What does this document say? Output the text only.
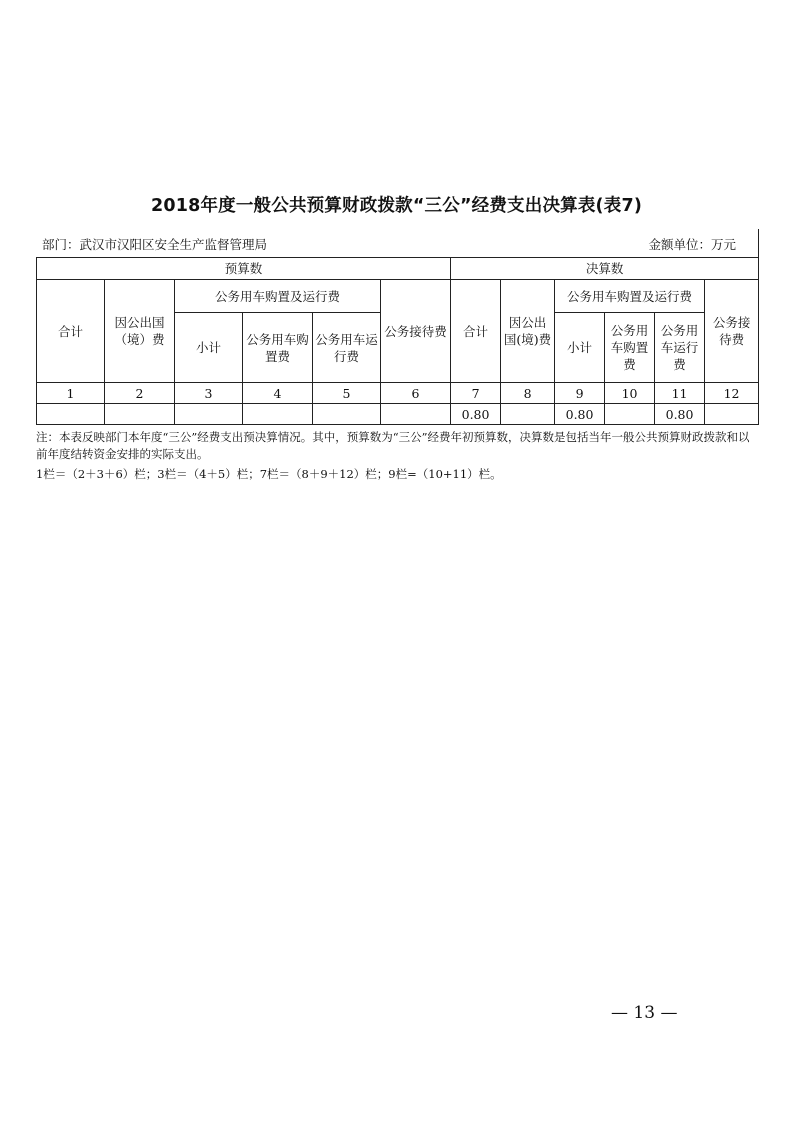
2018年度一般公共预算财政拨款“三公”经费支出决算表(表7)
部门：武汉市汉阳区安全生产监督管理局	金额单位：万元
预算数						决算数					
合计	因公出国（境）费	公务用车购置及运行费			公务接待费	合计	因公出国(境)费	公务用车购置及运行费			公务接待费
		小计	公务用车购置费	公务用车运行费				小计	公务用车购置费	公务用车运行费	
1	2	3	4	5	6	7	8	9	10	11	12
						0.80		0.80		0.80	

注：本表反映部门本年度“三公”经费支出预决算情况。其中，预算数为“三公”经费年初预算数，决算数是包括当年一般公共预算财政拨款和以前年度结转资金安排的实际支出。

1栏＝（2＋3＋6）栏；3栏＝（4＋5）栏；7栏＝（8＋9＋12）栏；9栏=（10+11）栏。

— 13 —
